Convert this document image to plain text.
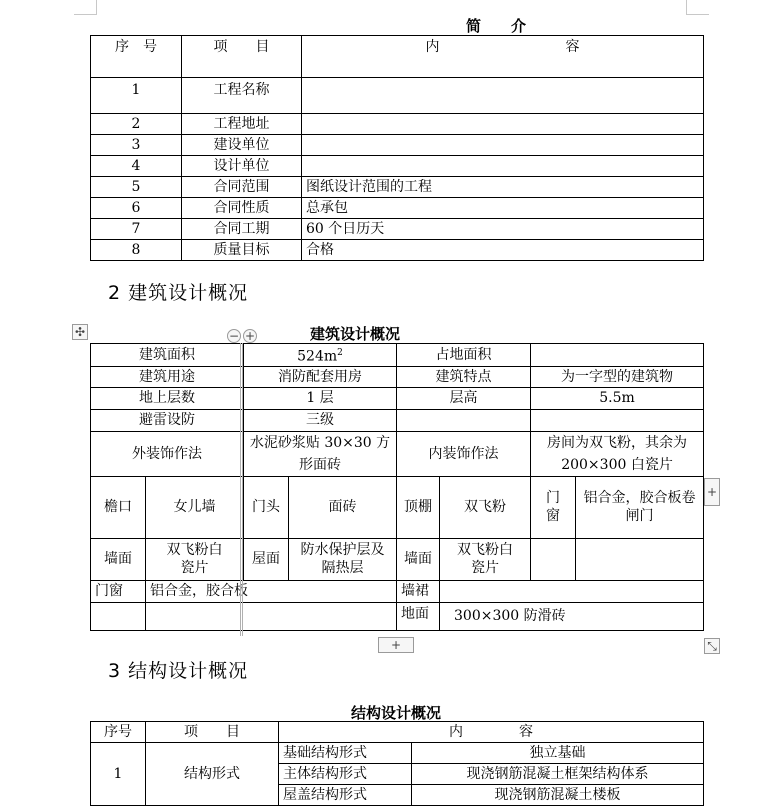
简　　介
序　号	项　　目	内　　　　　　　　　容
1	工程名称	
2	工程地址	
3	建设单位	
4	设计单位	
5	合同范围	图纸设计范围的工程
6	合同性质	总承包
7	合同工期	60 个日历天
8	质量目标	合格
2 建筑设计概况
✣	− +	建筑设计概况
建筑面积		$524m^2$		占地面积			
建筑用途		消防配套用房		建筑特点		为一字型的建筑物	
地上层数		1 层		层高		5.5m	
避雷设防		三级					
外装饰作法		水泥砂浆贴 30×30 方形面砖		内装饰作法		房间为双飞粉，其余为 200×300 白瓷片	
檐口	女儿墙	门头	面砖	顶棚	双飞粉	门窗	铝合金，胶合板卷闸门
墙面	双飞粉白瓷片	屋面	防水保护层及隔热层	墙面	双飞粉白瓷片		
门窗	铝合金，胶合板			墙裙			
				地面	300×300 防滑砖		
+
+	⤡
3 结构设计概况
结构设计概况
序号	项　　目	内　　　　容	
1	结构形式	基础结构形式	独立基础
		主体结构形式	现浇钢筋混凝土框架结构体系
		屋盖结构形式	现浇钢筋混凝土楼板
